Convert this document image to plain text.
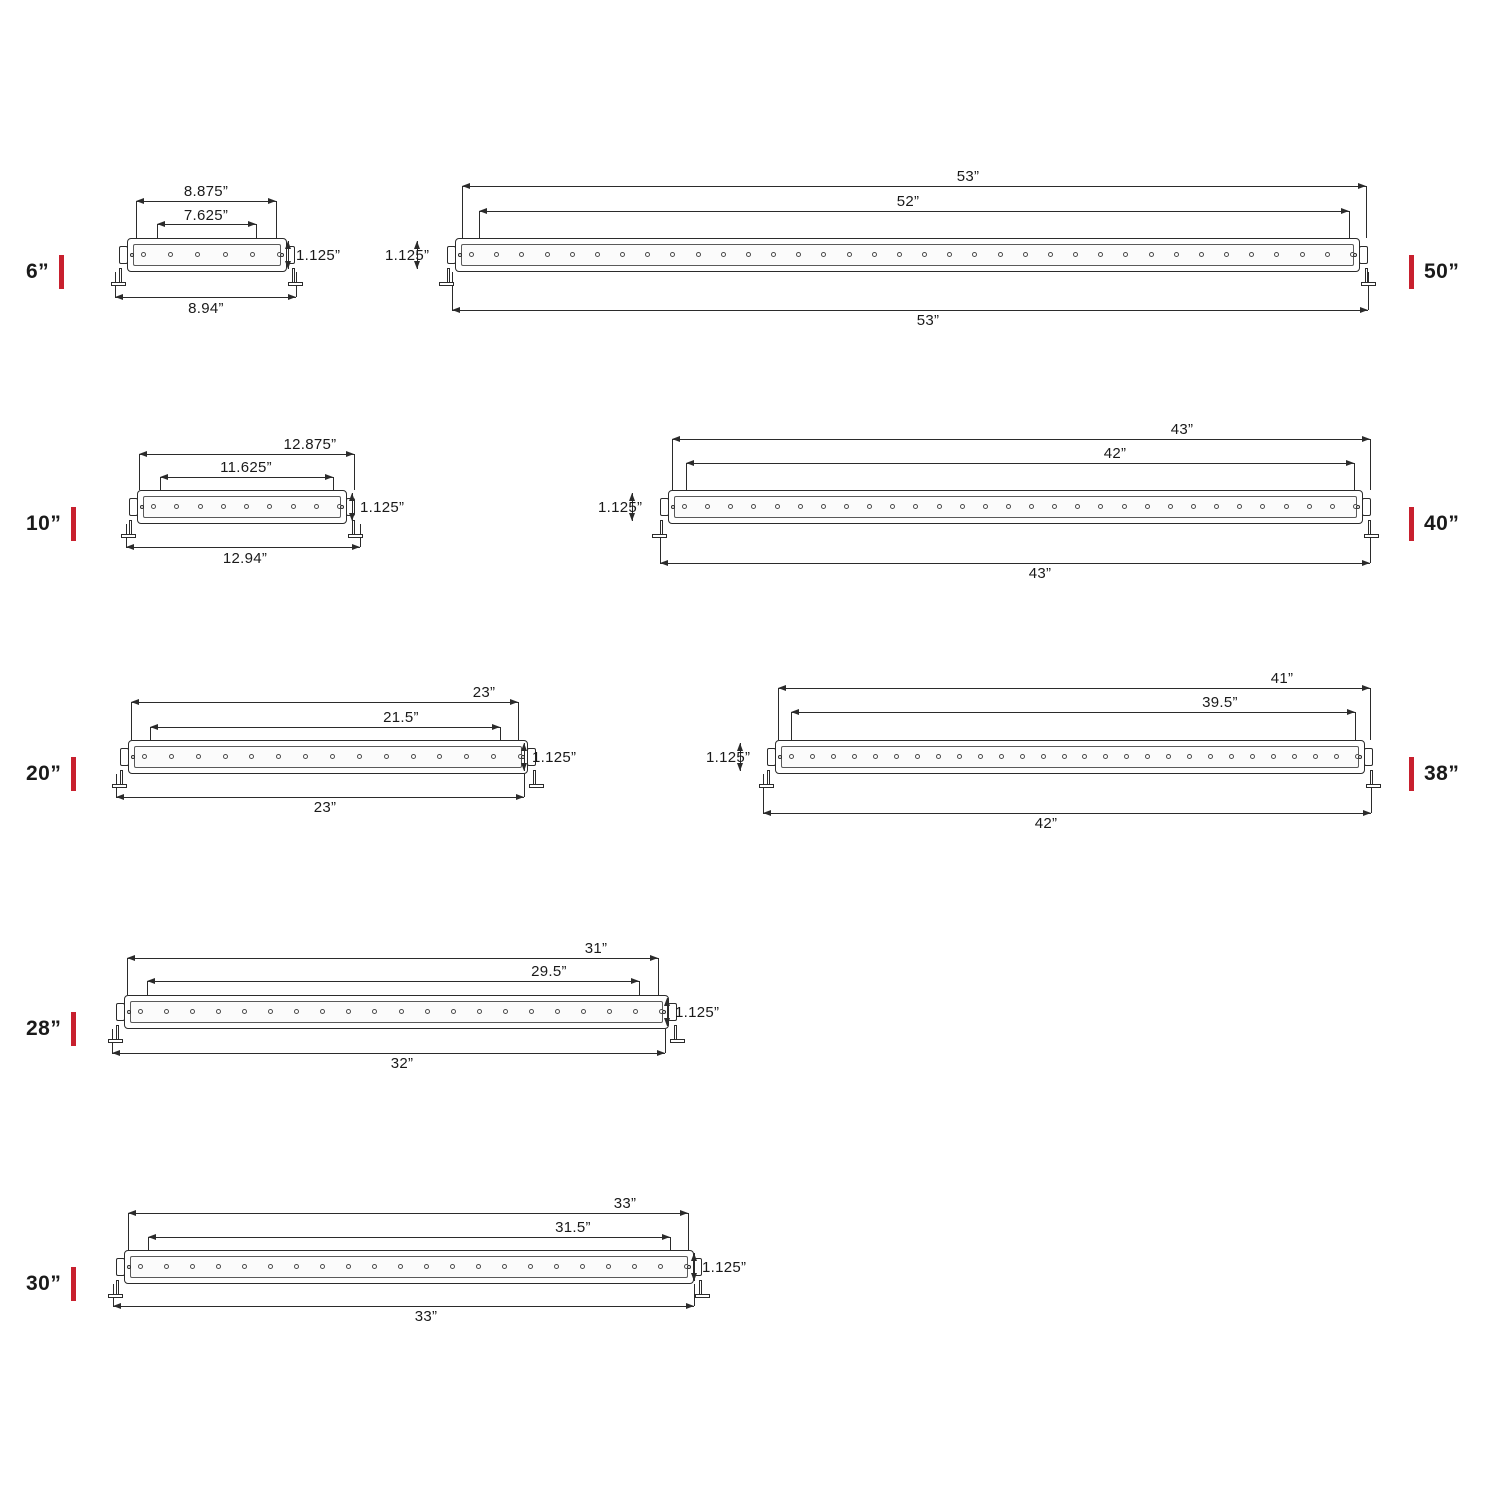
6”
8.875”
7.625”
8.94”
1.125”
50”
53”
52”
53”
1.125”
10”
12.875”
11.625”
12.94”
1.125”
40”
43”
42”
43”
1.125”
20”
23”
21.5”
23”
1.125”
38”
41”
39.5”
42”
1.125”
28”
31”
29.5”
32”
1.125”
30”
33”
31.5”
33”
1.125”
